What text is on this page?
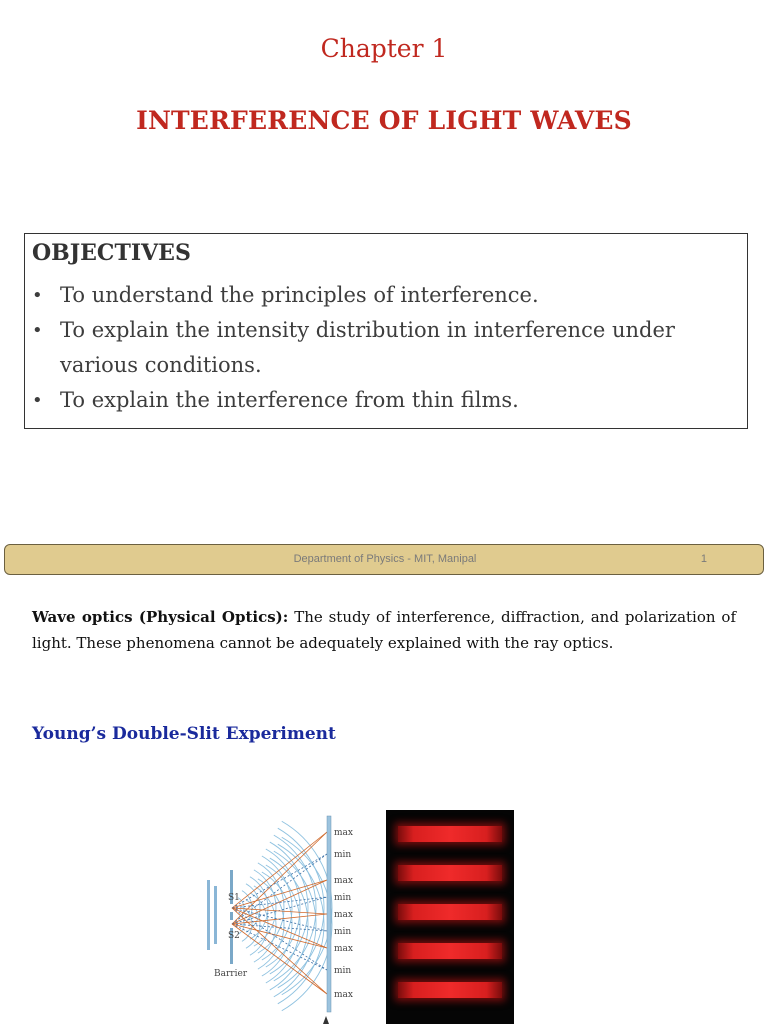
Chapter 1
INTERFERENCE OF LIGHT WAVES
OBJECTIVES
• To understand the principles of interference.
• To explain the intensity distribution in interference under various conditions.
• To explain the interference from thin films.
Department of Physics - MIT, Manipal	1
Wave optics (Physical Optics): The study of interference, diffraction, and polarization of light. These phenomena cannot be adequately explained with the ray optics.
Young’s Double-Slit Experiment
S1
S2
Barrier
max
min
max
min
max
min
max
min
max
